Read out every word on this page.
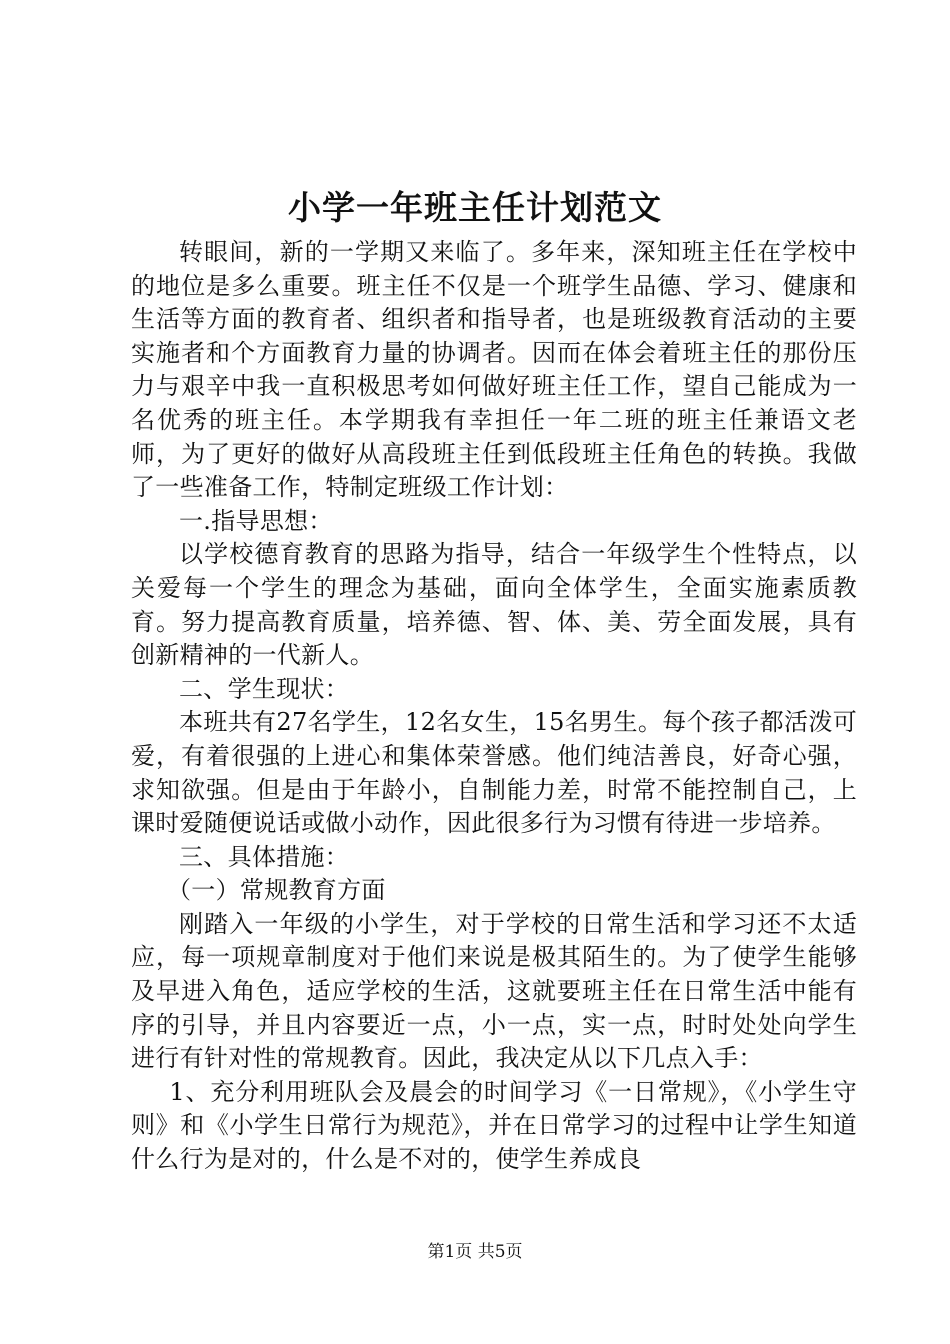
小学一年班主任计划范文

转眼间，新的一学期又来临了。多年来，深知班主任在学校中的地位是多么重要。班主任不仅是一个班学生品德、学习、健康和生活等方面的教育者、组织者和指导者，也是班级教育活动的主要实施者和个方面教育力量的协调者。因而在体会着班主任的那份压力与艰辛中我一直积极思考如何做好班主任工作，望自己能成为一名优秀的班主任。本学期我有幸担任一年二班的班主任兼语文老师，为了更好的做好从高段班主任到低段班主任角色的转换。我做了一些准备工作，特制定班级工作计划：

一.指导思想：

以学校德育教育的思路为指导，结合一年级学生个性特点，以关爱每一个学生的理念为基础，面向全体学生，全面实施素质教育。努力提高教育质量，培养德、智、体、美、劳全面发展，具有创新精神的一代新人。

二、学生现状：

本班共有27名学生，12名女生，15名男生。每个孩子都活泼可爱，有着很强的上进心和集体荣誉感。他们纯洁善良，好奇心强，求知欲强。但是由于年龄小，自制能力差，时常不能控制自己，上课时爱随便说话或做小动作，因此很多行为习惯有待进一步培养。

三、具体措施：

（一）常规教育方面

刚踏入一年级的小学生，对于学校的日常生活和学习还不太适应，每一项规章制度对于他们来说是极其陌生的。为了使学生能够及早进入角色，适应学校的生活，这就要班主任在日常生活中能有序的引导，并且内容要近一点，小一点，实一点，时时处处向学生进行有针对性的常规教育。因此，我决定从以下几点入手：

1、充分利用班队会及晨会的时间学习《一日常规》，《小学生守则》和《小学生日常行为规范》，并在日常学习的过程中让学生知道什么行为是对的，什么是不对的，使学生养成良

第1页 共5页
